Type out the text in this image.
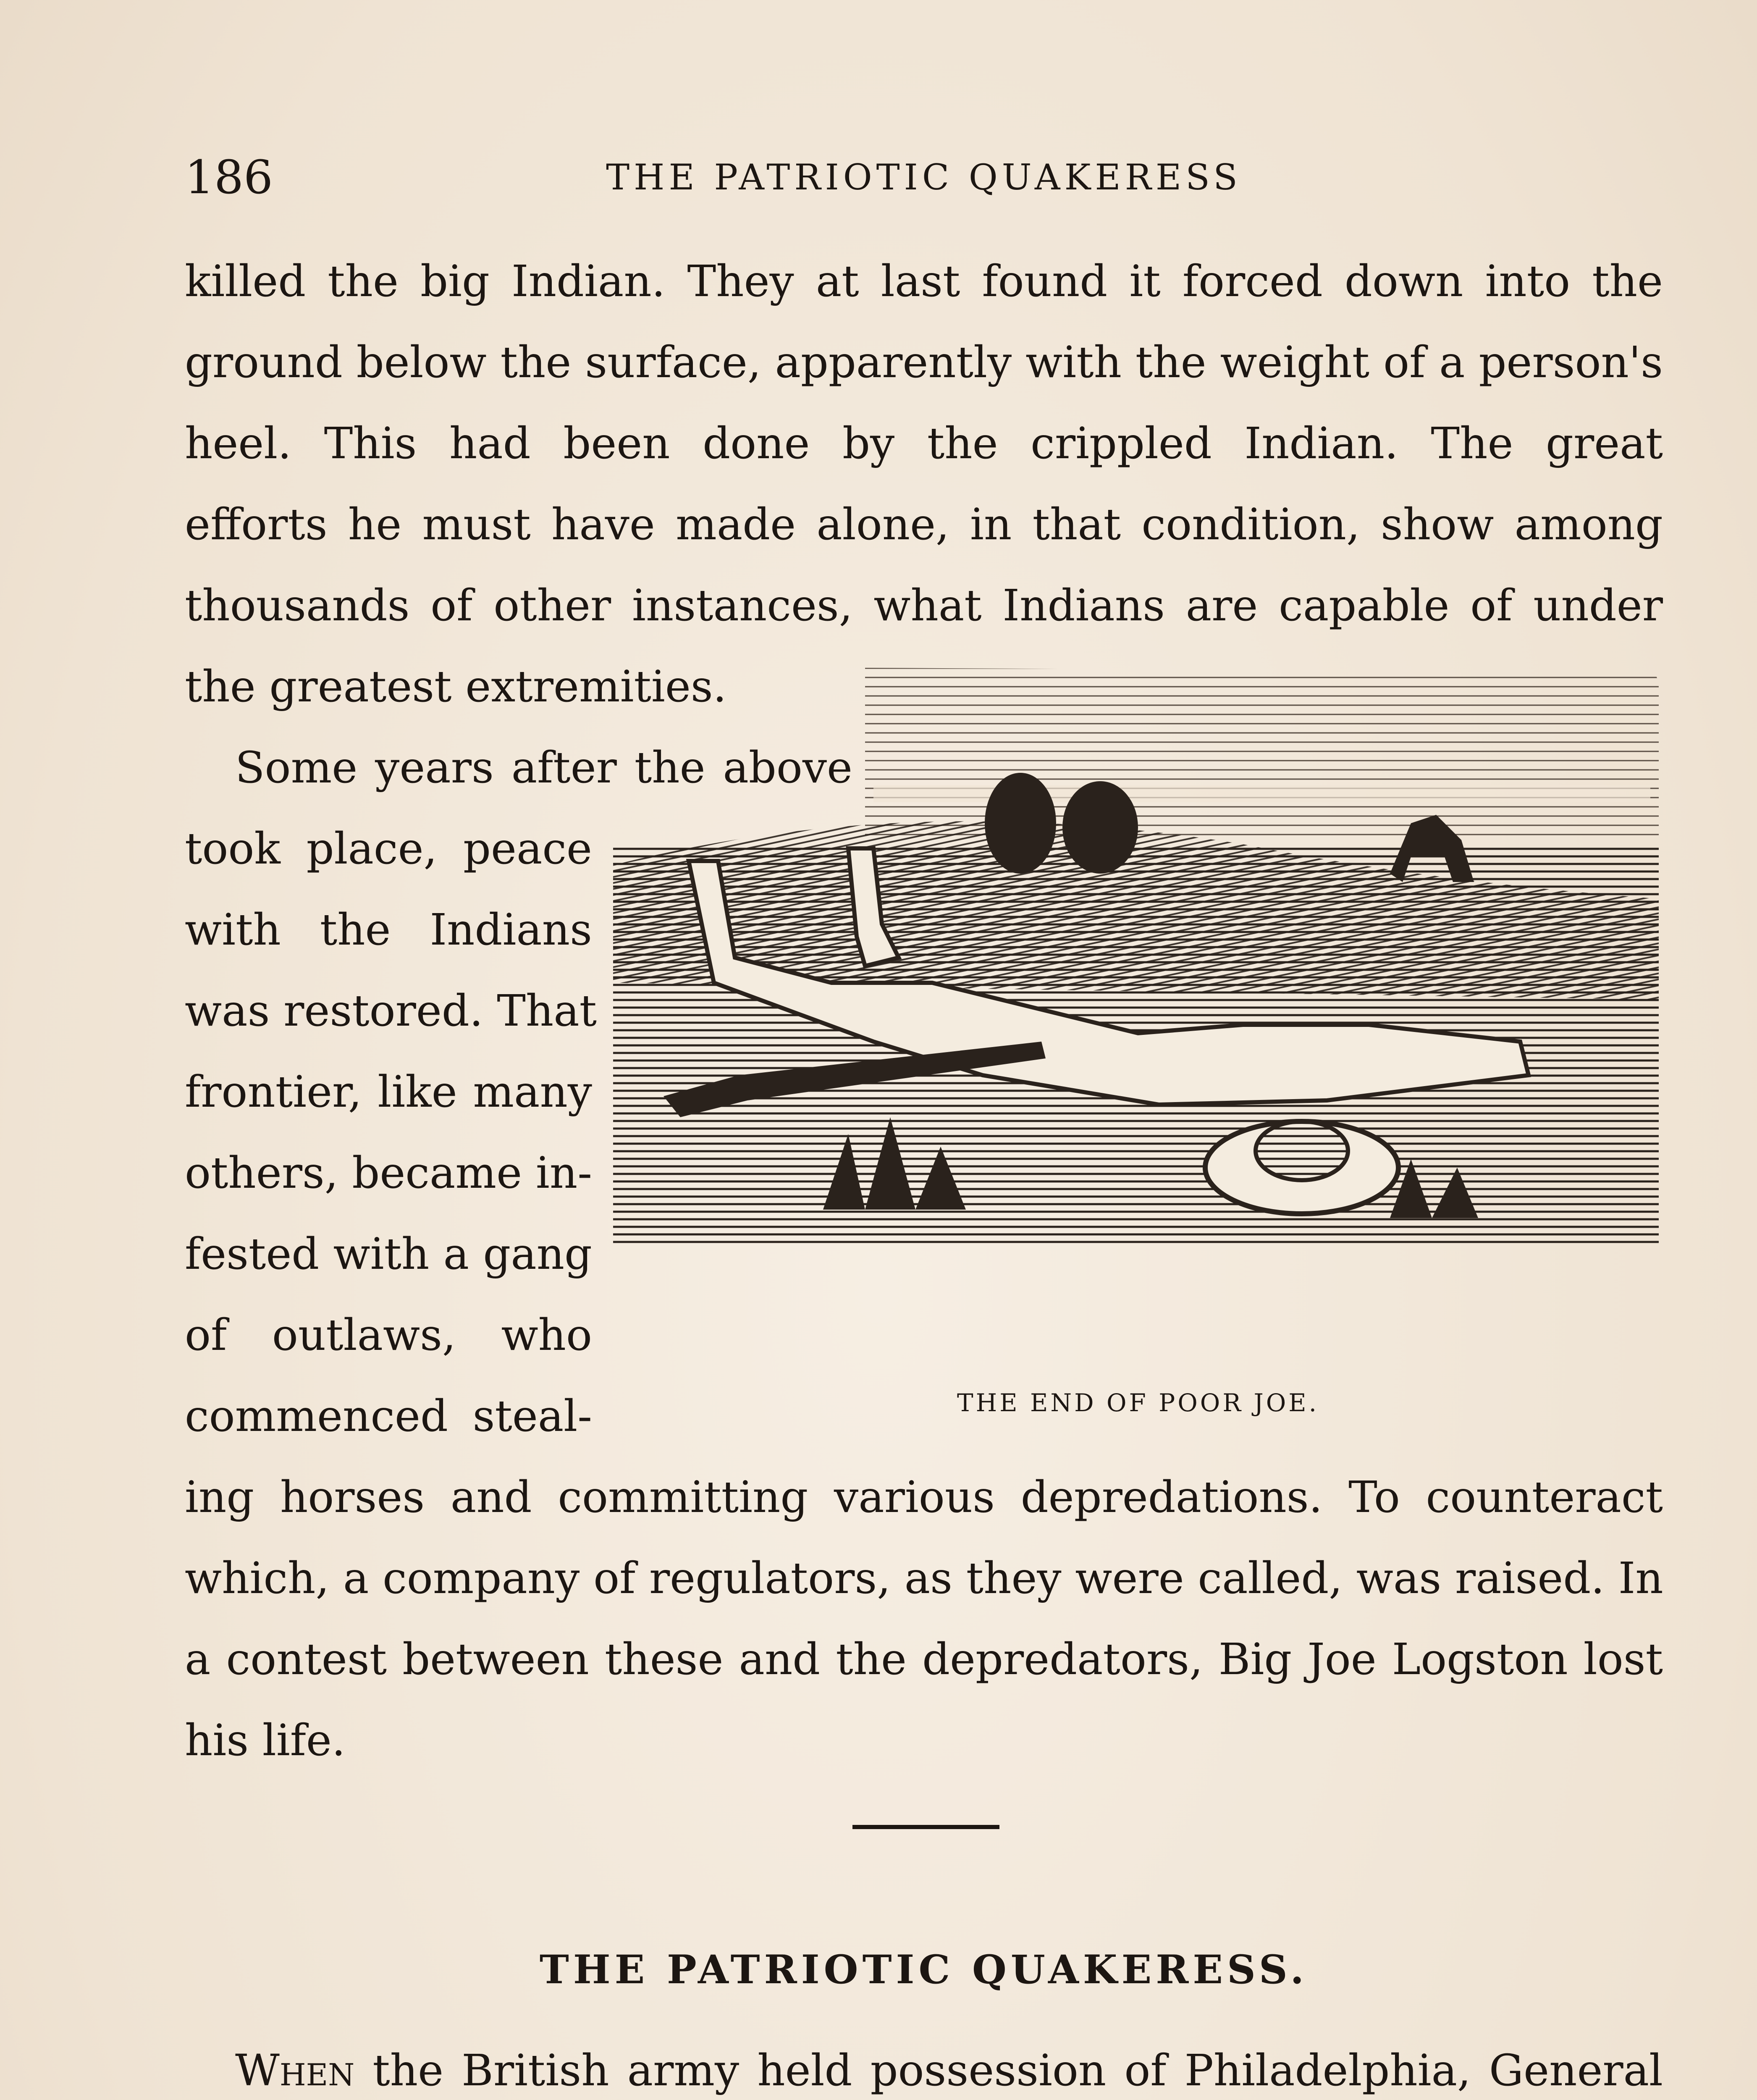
186	THE PATRIOTIC QUAKERESS
killed the big Indian. They at last found it forced down into the
ground below the surface, apparently with the weight of a person's
heel. This had been done by the crippled Indian. The great
efforts he must have made alone, in that condition, show among
thousands of other instances, what Indians are capable of under
the greatest extremities.
Some years after the above
took place, peace
with the Indians
was restored. That
frontier, like many
others, became in-
fested with a gang
of outlaws, who
commenced steal-
ing horses and committing various depredations. To counteract
which, a company of regulators, as they were called, was raised. In
a contest between these and the depredators, Big Joe Logston lost
his life.
THE END OF POOR JOE.
THE PATRIOTIC QUAKERESS.
When the British army held possession of Philadelphia, General
